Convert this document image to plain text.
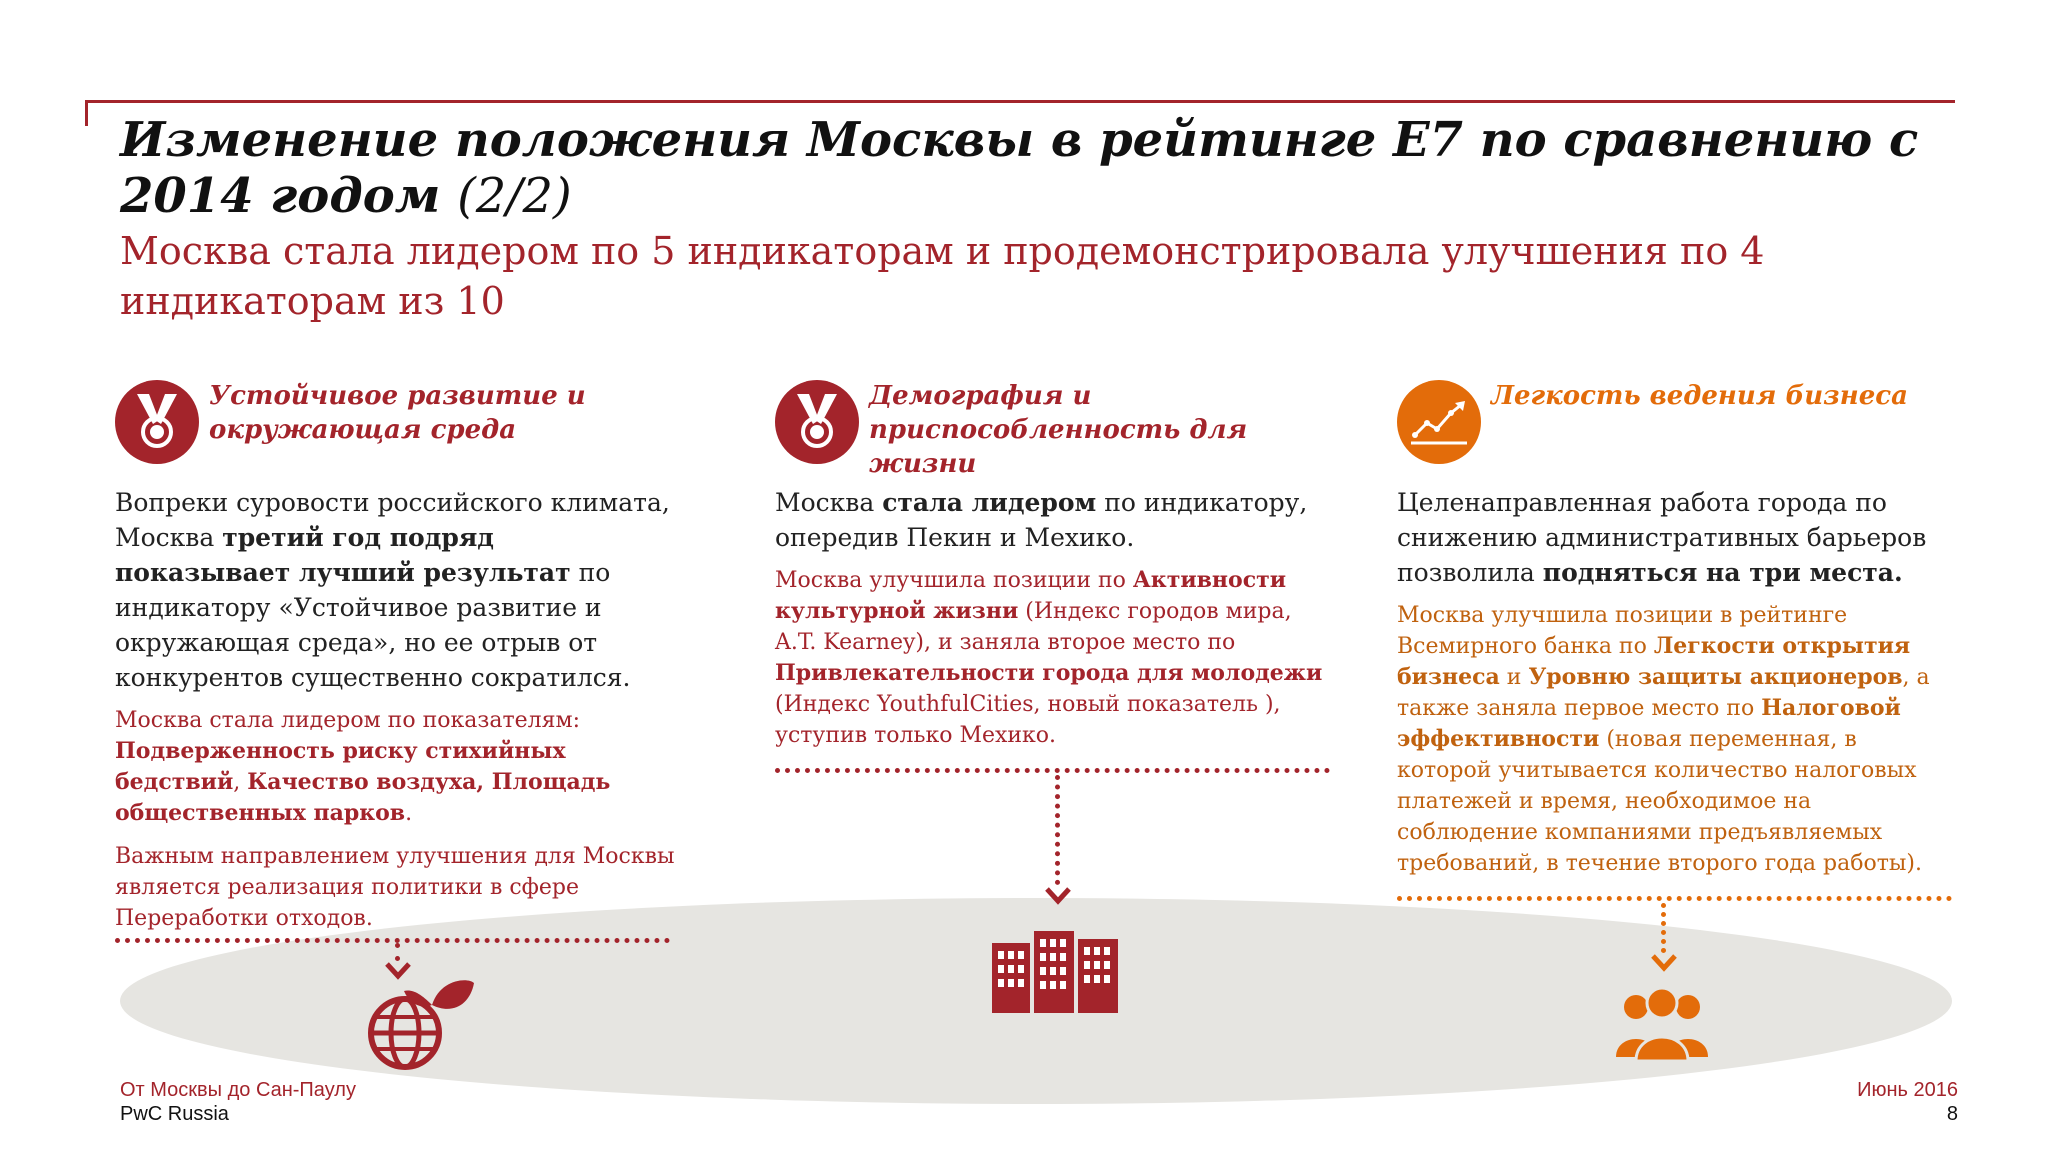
Изменение положения Москвы в рейтинге E7 по сравнению с 2014 годом (2/2)

Москва стала лидером по 5 индикаторам и продемонстрировала улучшения по 4 индикаторам из 10

Устойчивое развитие и окружающая среда

Вопреки суровости российского климата, Москва третий год подряд показывает лучший результат по индикатору «Устойчивое развитие и окружающая среда», но ее отрыв от конкурентов существенно сократился.

Москва стала лидером по показателям: Подверженность риску стихийных бедствий, Качество воздуха, Площадь общественных парков.

Важным направлением улучшения для Москвы является реализация политики в сфере Переработки отходов.

Демография и приспособленность для жизни

Москва стала лидером по индикатору, опередив Пекин и Мехико.

Москва улучшила позиции по Активности культурной жизни (Индекс городов мира, A.T. Kearney), и заняла второе место по Привлекательности города для молодежи (Индекс YouthfulCities, новый показатель ), уступив только Мехико.

Легкость ведения бизнеса

Целенаправленная работа города по снижению административных барьеров позволила подняться на три места.

Москва улучшила позиции в рейтинге Всемирного банка по Легкости открытия бизнеса и Уровню защиты акционеров, а также заняла первое место по Налоговой эффективности (новая переменная, в которой учитывается количество налоговых платежей и время, необходимое на соблюдение компаниями предъявляемых требований, в течение второго года работы).

От Москвы до Сан-Паулу
PwC Russia
Июнь 2016
8
